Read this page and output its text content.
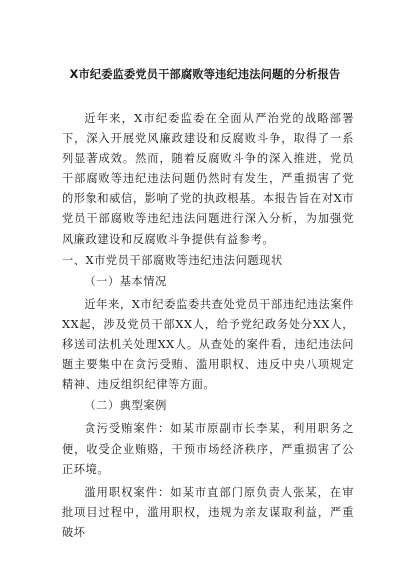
X市纪委监委党员干部腐败等违纪违法问题的分析报告

近年来，X市纪委监委在全面从严治党的战略部署下，深入开展党风廉政建设和反腐败斗争，取得了一系列显著成效。然而，随着反腐败斗争的深入推进，党员干部腐败等违纪违法问题仍然时有发生，严重损害了党的形象和威信，影响了党的执政根基。本报告旨在对X市党员干部腐败等违纪违法问题进行深入分析，为加强党风廉政建设和反腐败斗争提供有益参考。

一、X市党员干部腐败等违纪违法问题现状

（一）基本情况

近年来，X市纪委监委共查处党员干部违纪违法案件XX起，涉及党员干部XX人，给予党纪政务处分XX人，移送司法机关处理XX人。从查处的案件看，违纪违法问题主要集中在贪污受贿、滥用职权、违反中央八项规定精神、违反组织纪律等方面。

（二）典型案例

贪污受贿案件：如某市原副市长李某，利用职务之便，收受企业贿赂，干预市场经济秩序，严重损害了公正环境。

滥用职权案件：如某市直部门原负责人张某，在审批项目过程中，滥用职权，违规为亲友谋取利益，严重破坏
